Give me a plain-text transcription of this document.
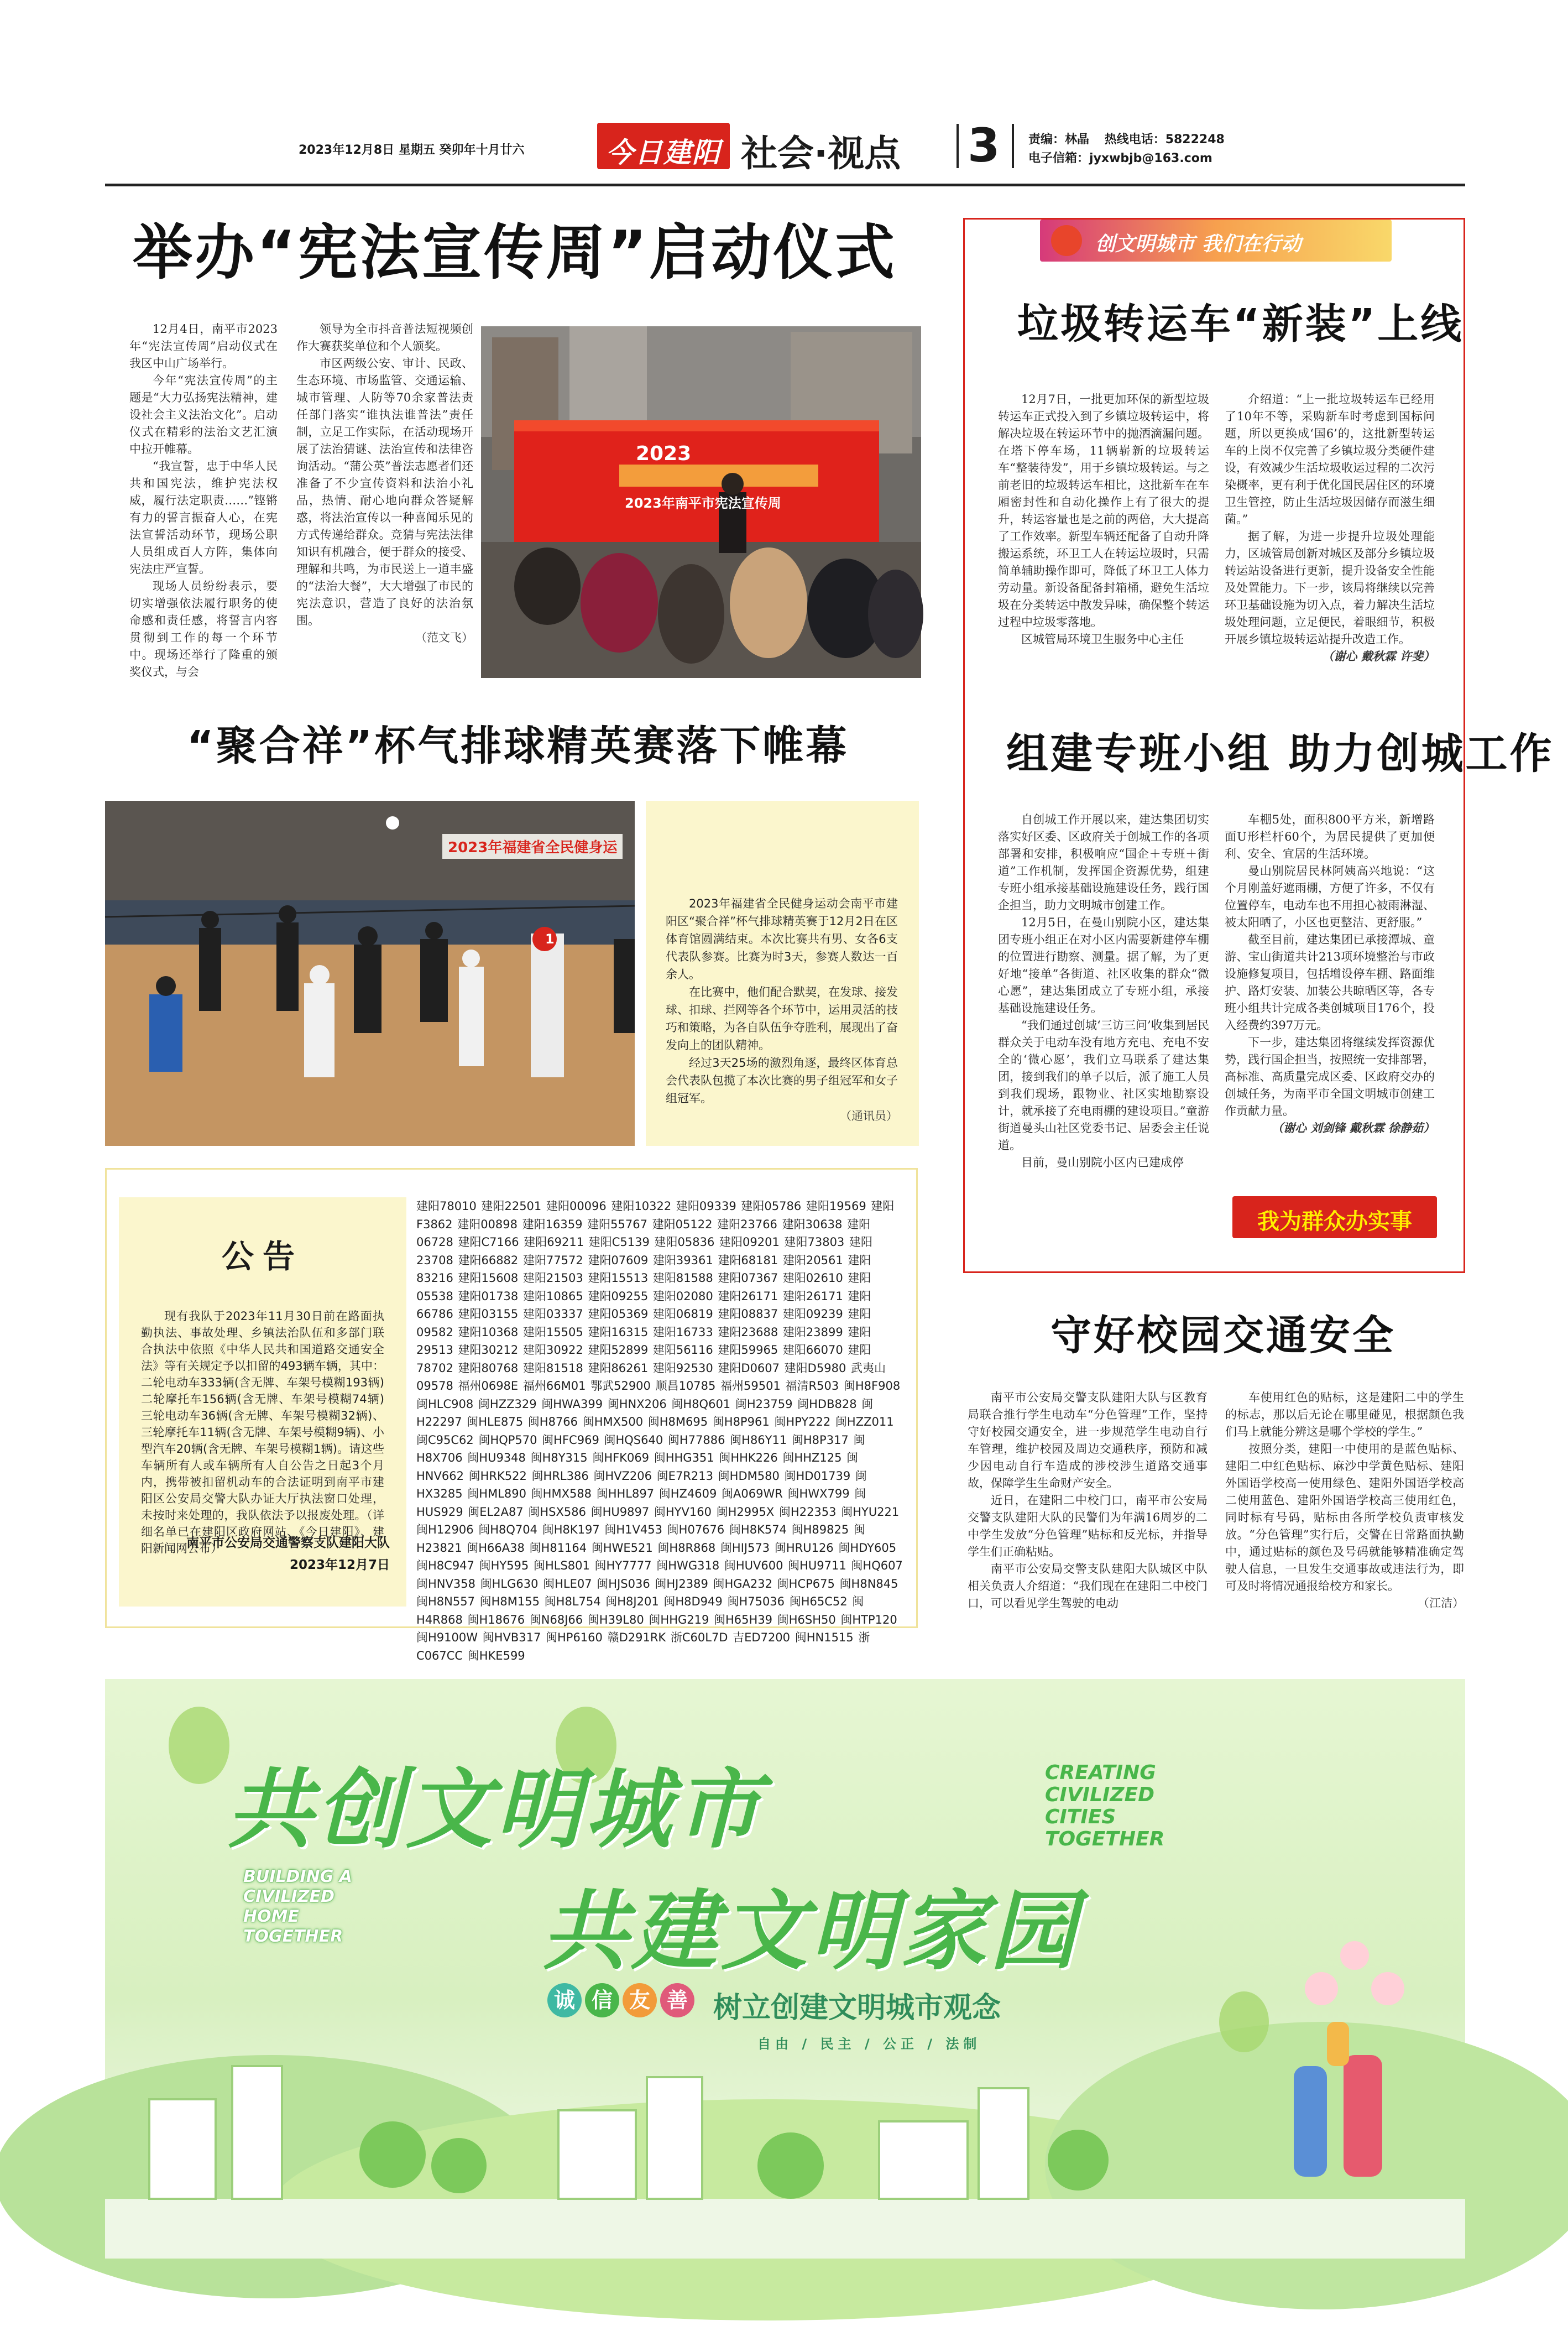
2023年12月8日 星期五 癸卯年十月廿六	今日建阳 社会·视点 3 责编：林晶 热线电话：5822248
电子信箱：jyxwbjb@163.com
举办“宪法宣传周”启动仪式

12月4日，南平市2023年“宪法宣传周”启动仪式在我区中山广场举行。

今年“宪法宣传周”的主题是“大力弘扬宪法精神，建设社会主义法治文化”。启动仪式在精彩的法治文艺汇演中拉开帷幕。

“我宣誓，忠于中华人民共和国宪法，维护宪法权威，履行法定职责……”铿锵有力的誓言振奋人心，在宪法宣誓活动环节，现场公职人员组成百人方阵，集体向宪法庄严宣誓。

现场人员纷纷表示，要切实增强依法履行职务的使命感和责任感，将誓言内容贯彻到工作的每一个环节中。现场还举行了隆重的颁奖仪式，与会

领导为全市抖音普法短视频创作大赛获奖单位和个人颁奖。

市区两级公安、审计、民政、生态环境、市场监管、交通运输、城市管理、人防等70余家普法责任部门落实“谁执法谁普法”责任制，立足工作实际，在活动现场开展了法治猜谜、法治宣传和法律咨询活动。“蒲公英”普法志愿者们还准备了不少宣传资料和法治小礼品，热情、耐心地向群众答疑解惑，将法治宣传以一种喜闻乐见的方式传递给群众。竞猜与宪法法律知识有机融合，便于群众的接受、理解和共鸣，为市民送上一道丰盛的“法治大餐”，大大增强了市民的宪法意识，营造了良好的法治氛围。

（范文飞）
2023
2023年南平市宪法宣传周
“聚合祥”杯气排球精英赛落下帷幕
2023年福建省全民健身运
1

2023年福建省全民健身运动会南平市建阳区“聚合祥”杯气排球精英赛于12月2日在区体育馆圆满结束。本次比赛共有男、女各6支代表队参赛。比赛为时3天，参赛人数达一百余人。

在比赛中，他们配合默契，在发球、接发球、扣球、拦网等各个环节中，运用灵活的技巧和策略，为各自队伍争夺胜利，展现出了奋发向上的团队精神。

经过3天25场的激烈角逐，最终区体育总会代表队包揽了本次比赛的男子组冠军和女子组冠军。

（通讯员）
公告
现有我队于2023年11月30日前在路面执勤执法、事故处理、乡镇法治队伍和多部门联合执法中依照《中华人民共和国道路交通安全法》等有关规定予以扣留的493辆车辆，其中：二轮电动车333辆(含无牌、车架号模糊193辆)二轮摩托车156辆(含无牌、车架号模糊74辆)三轮电动车36辆(含无牌、车架号模糊32辆)、三轮摩托车11辆(含无牌、车架号模糊9辆)、小型汽车20辆(含无牌、车架号模糊1辆)。请这些车辆所有人或车辆所有人自公告之日起3个月内，携带被扣留机动车的合法证明到南平市建阳区公安局交警大队办证大厅执法窗口处理，未按时来处理的，我队依法予以报废处理。（详细名单已在建阳区政府网站、《今日建阳》、建阳新闻网公布）
南平市公安局交通警察支队建阳大队
2023年12月7日
建阳78010 建阳22501 建阳00096 建阳10322 建阳09339 建阳05786 建阳19569 建阳F3862 建阳00898 建阳16359 建阳55767 建阳05122 建阳23766 建阳30638 建阳06728 建阳C7166 建阳69211 建阳C5139 建阳05836 建阳09201 建阳73803 建阳23708 建阳66882 建阳77572 建阳07609 建阳39361 建阳68181 建阳20561 建阳83216 建阳15608 建阳21503 建阳15513 建阳81588 建阳07367 建阳02610 建阳05538 建阳01738 建阳10865 建阳09255 建阳02080 建阳26171 建阳26171 建阳66786 建阳03155 建阳03337 建阳05369 建阳06819 建阳08837 建阳09239 建阳09582 建阳10368 建阳15505 建阳16315 建阳16733 建阳23688 建阳23899 建阳29513 建阳30212 建阳30922 建阳52899 建阳56116 建阳59965 建阳66070 建阳78702 建阳80768 建阳81518 建阳86261 建阳92530 建阳D0607 建阳D5980 武夷山09578 福州0698E 福州66M01 鄂武52900 顺昌10785 福州59501 福清R503 闽H8F908 闽HLC908 闽HZZ329 闽HWA399 闽HNX206 闽H8Q601 闽H23759 闽HDB828 闽H22297 闽HLE875 闽H8766 闽HMX500 闽H8M695 闽H8P961 闽HPY222 闽HZZ011 闽C95C62 闽HQP570 闽HFC969 闽HQS640 闽H77886 闽H86Y11 闽H8P317 闽H8X706 闽HU9348 闽H8Y315 闽HFK069 闽HHG351 闽HHK226 闽HHZ125 闽HNV662 闽HRK522 闽HRL386 闽HVZ206 闽E7R213 闽HDM580 闽HD01739 闽HX3285 闽HML890 闽HMX588 闽HHL897 闽HZ4609 闽A069WR 闽HWX799 闽HUS929 闽EL2A87 闽HSX586 闽HU9897 闽HYV160 闽H2995X 闽H22353 闽HYU221 闽H12906 闽H8Q704 闽H8K197 闽H1V453 闽H07676 闽H8K574 闽H89825 闽H23821 闽H66A38 闽H81164 闽HWE521 闽H8R868 闽HIJ573 闽HRU126 闽HDY605 闽H8C947 闽HY595 闽HLS801 闽HY7777 闽HWG318 闽HUV600 闽HU9711 闽HQ607 闽HNV358 闽HLG630 闽HLE07 闽HJS036 闽HJ2389 闽HGA232 闽HCP675 闽H8N845 闽H8N557 闽H8M155 闽H8L754 闽H8J201 闽H8D949 闽H75036 闽H65C52 闽H4R868 闽H18676 闽N68J66 闽H39L80 闽HHG219 闽H65H39 闽H6SH50 闽HTP120 闽H9100W 闽HVB317 闽HP6160 赣D291RK 浙C60L7D 吉ED7200 闽HN1515 浙C067CC 闽HKE599
创文明城市 我们在行动
垃圾转运车“新装”上线

12月7日，一批更加环保的新型垃圾转运车正式投入到了乡镇垃圾转运中，将解决垃圾在转运环节中的抛洒滴漏问题。在塔下停车场，11辆崭新的垃圾转运车“整装待发”，用于乡镇垃圾转运。与之前老旧的垃圾转运车相比，这批新车在车厢密封性和自动化操作上有了很大的提升，转运容量也是之前的两倍，大大提高了工作效率。新型车辆还配备了自动升降搬运系统，环卫工人在转运垃圾时，只需简单辅助操作即可，降低了环卫工人体力劳动量。新设备配备封箱桶，避免生活垃圾在分类转运中散发异味，确保整个转运过程中垃圾零落地。

区城管局环境卫生服务中心主任

介绍道：“上一批垃圾转运车已经用了10年不等，采购新车时考虑到国标问题，所以更换成‘国6’的，这批新型转运车的上岗不仅完善了乡镇垃圾分类硬件建设，有效减少生活垃圾收运过程的二次污染概率，更有利于优化国民居住区的环境卫生管控，防止生活垃圾因储存而滋生细菌。”

据了解，为进一步提升垃圾处理能力，区城管局创新对城区及部分乡镇垃圾转运站设备进行更新，提升设备安全性能及处置能力。下一步，该局将继续以完善环卫基础设施为切入点，着力解决生活垃圾处理问题，立足便民，着眼细节，积极开展乡镇垃圾转运站提升改造工作。

（谢心 戴秋霖 许斐）
组建专班小组 助力创城工作

自创城工作开展以来，建达集团切实落实好区委、区政府关于创城工作的各项部署和安排，积极响应“国企＋专班＋街道”工作机制，发挥国企资源优势，组建专班小组承接基础设施建设任务，践行国企担当，助力文明城市创建工作。

12月5日，在曼山别院小区，建达集团专班小组正在对小区内需要新建停车棚的位置进行勘察、测量。据了解，为了更好地“接单”各街道、社区收集的群众“微心愿”，建达集团成立了专班小组，承接基础设施建设任务。

“我们通过创城‘三访三问’收集到居民群众关于电动车没有地方充电、充电不安全的‘微心愿’，我们立马联系了建达集团，接到我们的单子以后，派了施工人员到我们现场，跟物业、社区实地勘察设计，就承接了充电雨棚的建设项目。”童游街道曼头山社区党委书记、居委会主任说道。

目前，曼山别院小区内已建成停

车棚5处，面积800平方米，新增路面U形栏杆60个，为居民提供了更加便利、安全、宜居的生活环境。

曼山别院居民林阿姨高兴地说：“这个月刚盖好遮雨棚，方便了许多，不仅有位置停车，电动车也不用担心被雨淋湿、被太阳晒了，小区也更整洁、更舒服。”

截至目前，建达集团已承接潭城、童游、宝山街道共计213项环境整治与市政设施修复项目，包括增设停车棚、路面维护、路灯安装、加装公共晾晒区等，各专班小组共计完成各类创城项目176个，投入经费约397万元。

下一步，建达集团将继续发挥资源优势，践行国企担当，按照统一安排部署，高标准、高质量完成区委、区政府交办的创城任务，为南平市全国文明城市创建工作贡献力量。

（谢心 刘剑锋 戴秋霖 徐静茹）
我为群众办实事
守好校园交通安全

南平市公安局交警支队建阳大队与区教育局联合推行学生电动车“分色管理”工作，坚持守好校园交通安全，进一步规范学生电动自行车管理，维护校园及周边交通秩序，预防和减少因电动自行车造成的涉校涉生道路交通事故，保障学生生命财产安全。

近日，在建阳二中校门口，南平市公安局交警支队建阳大队的民警们为年满16周岁的二中学生发放“分色管理”贴标和反光标，并指导学生们正确粘贴。

南平市公安局交警支队建阳大队城区中队相关负责人介绍道：“我们现在在建阳二中校门口，可以看见学生驾驶的电动

车使用红色的贴标，这是建阳二中的学生的标志，那以后无论在哪里碰见，根据颜色我们马上就能分辨这是哪个学校的学生。”

按照分类，建阳一中使用的是蓝色贴标、建阳二中红色贴标、麻沙中学黄色贴标、建阳外国语学校高一使用绿色、建阳外国语学校高二使用蓝色、建阳外国语学校高三使用红色，同时标有号码，贴标由各所学校负责审核发放。“分色管理”实行后，交警在日常路面执勤中，通过贴标的颜色及号码就能够精准确定驾驶人信息，一旦发生交通事故或违法行为，即可及时将情况通报给校方和家长。

（江洁）
共创文明城市	CREATING CIVILIZED CITIES TOGETHER
BUILDING A CIVILIZED HOME TOGETHER 共建文明家园
诚 信 友 善 树立创建文明城市观念
自由 / 民主 / 公正 / 法制
